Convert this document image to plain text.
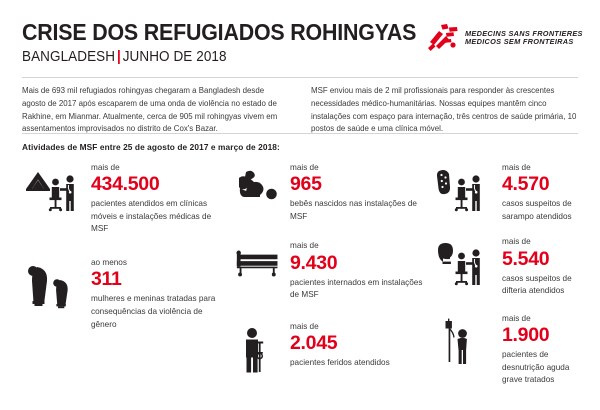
CRISE DOS REFUGIADOS ROHINGYAS
BANGLADESH | JUNHO DE 2018
MEDECINS SANS FRONTIERES
MEDICOS SEM FRONTEIRAS
Mais de 693 mil refugiados rohingyas chegaram a Bangladesh desde agosto de 2017 após escaparem de uma onda de violência no estado de Rakhine, em Mianmar. Atualmente, cerca de 905 mil rohingyas vivem em assentamentos improvisados no distrito de Cox's Bazar.
MSF enviou mais de 2 mil profissionais para responder às crescentes necessidades médico-humanitárias. Nossas equipes mantêm cinco instalações com espaço para internação, três centros de saúde primária, 10 postos de saúde e uma clínica móvel.
Atividades de MSF entre 25 de agosto de 2017 e março de 2018:
mais de
434.500
pacientes atendidos em clínicas móveis e instalações médicas de MSF
ao menos
311
mulheres e meninas tratadas para consequências da violência de gênero
mais de
965
bebês nascidos nas instalações de MSF
mais de
9.430
pacientes internados em instalações de MSF
mais de
2.045
pacientes feridos atendidos
mais de
4.570
casos suspeitos de sarampo atendidos
mais de
5.540
casos suspeitos de difteria atendidos
mais de
1.900
pacientes de desnutrição aguda grave tratados
